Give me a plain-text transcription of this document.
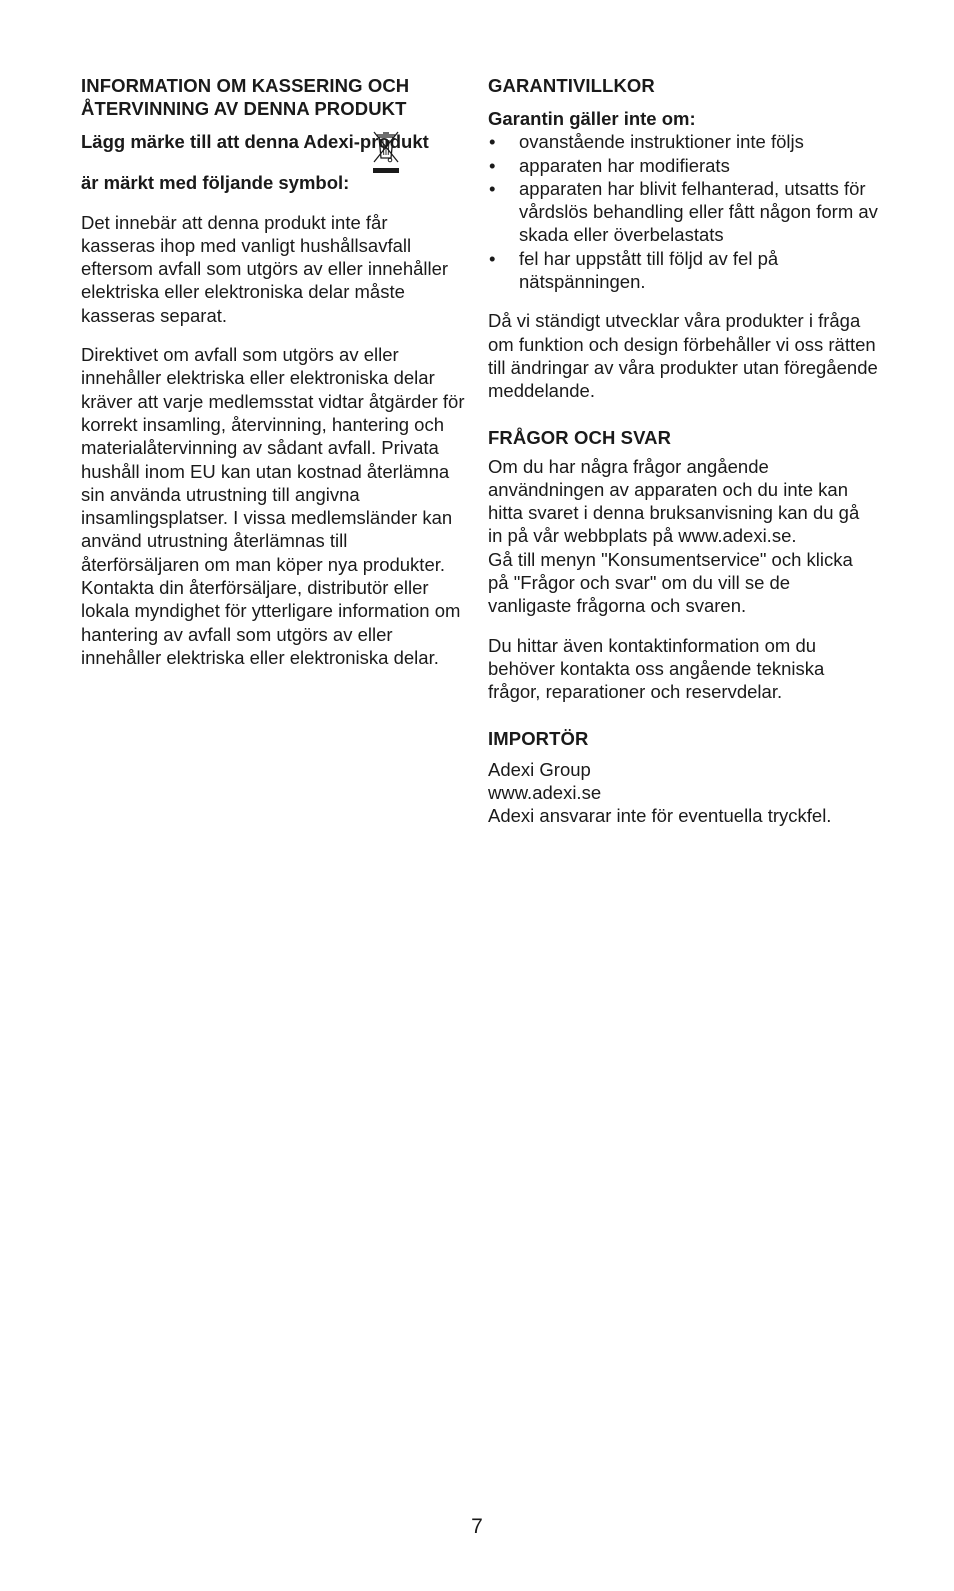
INFORMATION OM KASSERING OCH ÅTERVINNING AV DENNA PRODUKT

Lägg märke till att denna Adexi-produkt

är märkt med följande symbol:

Det innebär att denna produkt inte får kasseras ihop med vanligt hushållsavfall eftersom avfall som utgörs av eller innehåller elektriska eller elektroniska delar måste kasseras separat.

Direktivet om avfall som utgörs av eller innehåller elektriska eller elektroniska delar kräver att varje medlemsstat vidtar åtgärder för korrekt insamling, återvinning, hantering och materialåtervinning av sådant avfall. Privata hushåll inom EU kan utan kostnad återlämna sin använda utrustning till angivna insamlingsplatser. I vissa medlemsländer kan använd utrustning återlämnas till återförsäljaren om man köper nya produkter. Kontakta din återförsäljare, distributör eller lokala myndighet för ytterligare information om hantering av avfall som utgörs av eller innehåller elektriska eller elektroniska delar.

GARANTIVILLKOR

Garantin gäller inte om:

• ovanstående instruktioner inte följs
• apparaten har modifierats
• apparaten har blivit felhanterad, utsatts för vårdslös behandling eller fått någon form av skada eller överbelastats
• fel har uppstått till följd av fel på nätspänningen.

Då vi ständigt utvecklar våra produkter i fråga om funktion och design förbehåller vi oss rätten till ändringar av våra produkter utan föregående meddelande.

FRÅGOR OCH SVAR

Om du har några frågor angående användningen av apparaten och du inte kan hitta svaret i denna bruksanvisning kan du gå in på vår webbplats på www.adexi.se.

Gå till menyn "Konsumentservice" och klicka på "Frågor och svar" om du vill se de vanligaste frågorna och svaren.

Du hittar även kontaktinformation om du behöver kontakta oss angående tekniska frågor, reparationer och reservdelar.

IMPORTÖR

Adexi Group

www.adexi.se

Adexi ansvarar inte för eventuella tryckfel.

7
